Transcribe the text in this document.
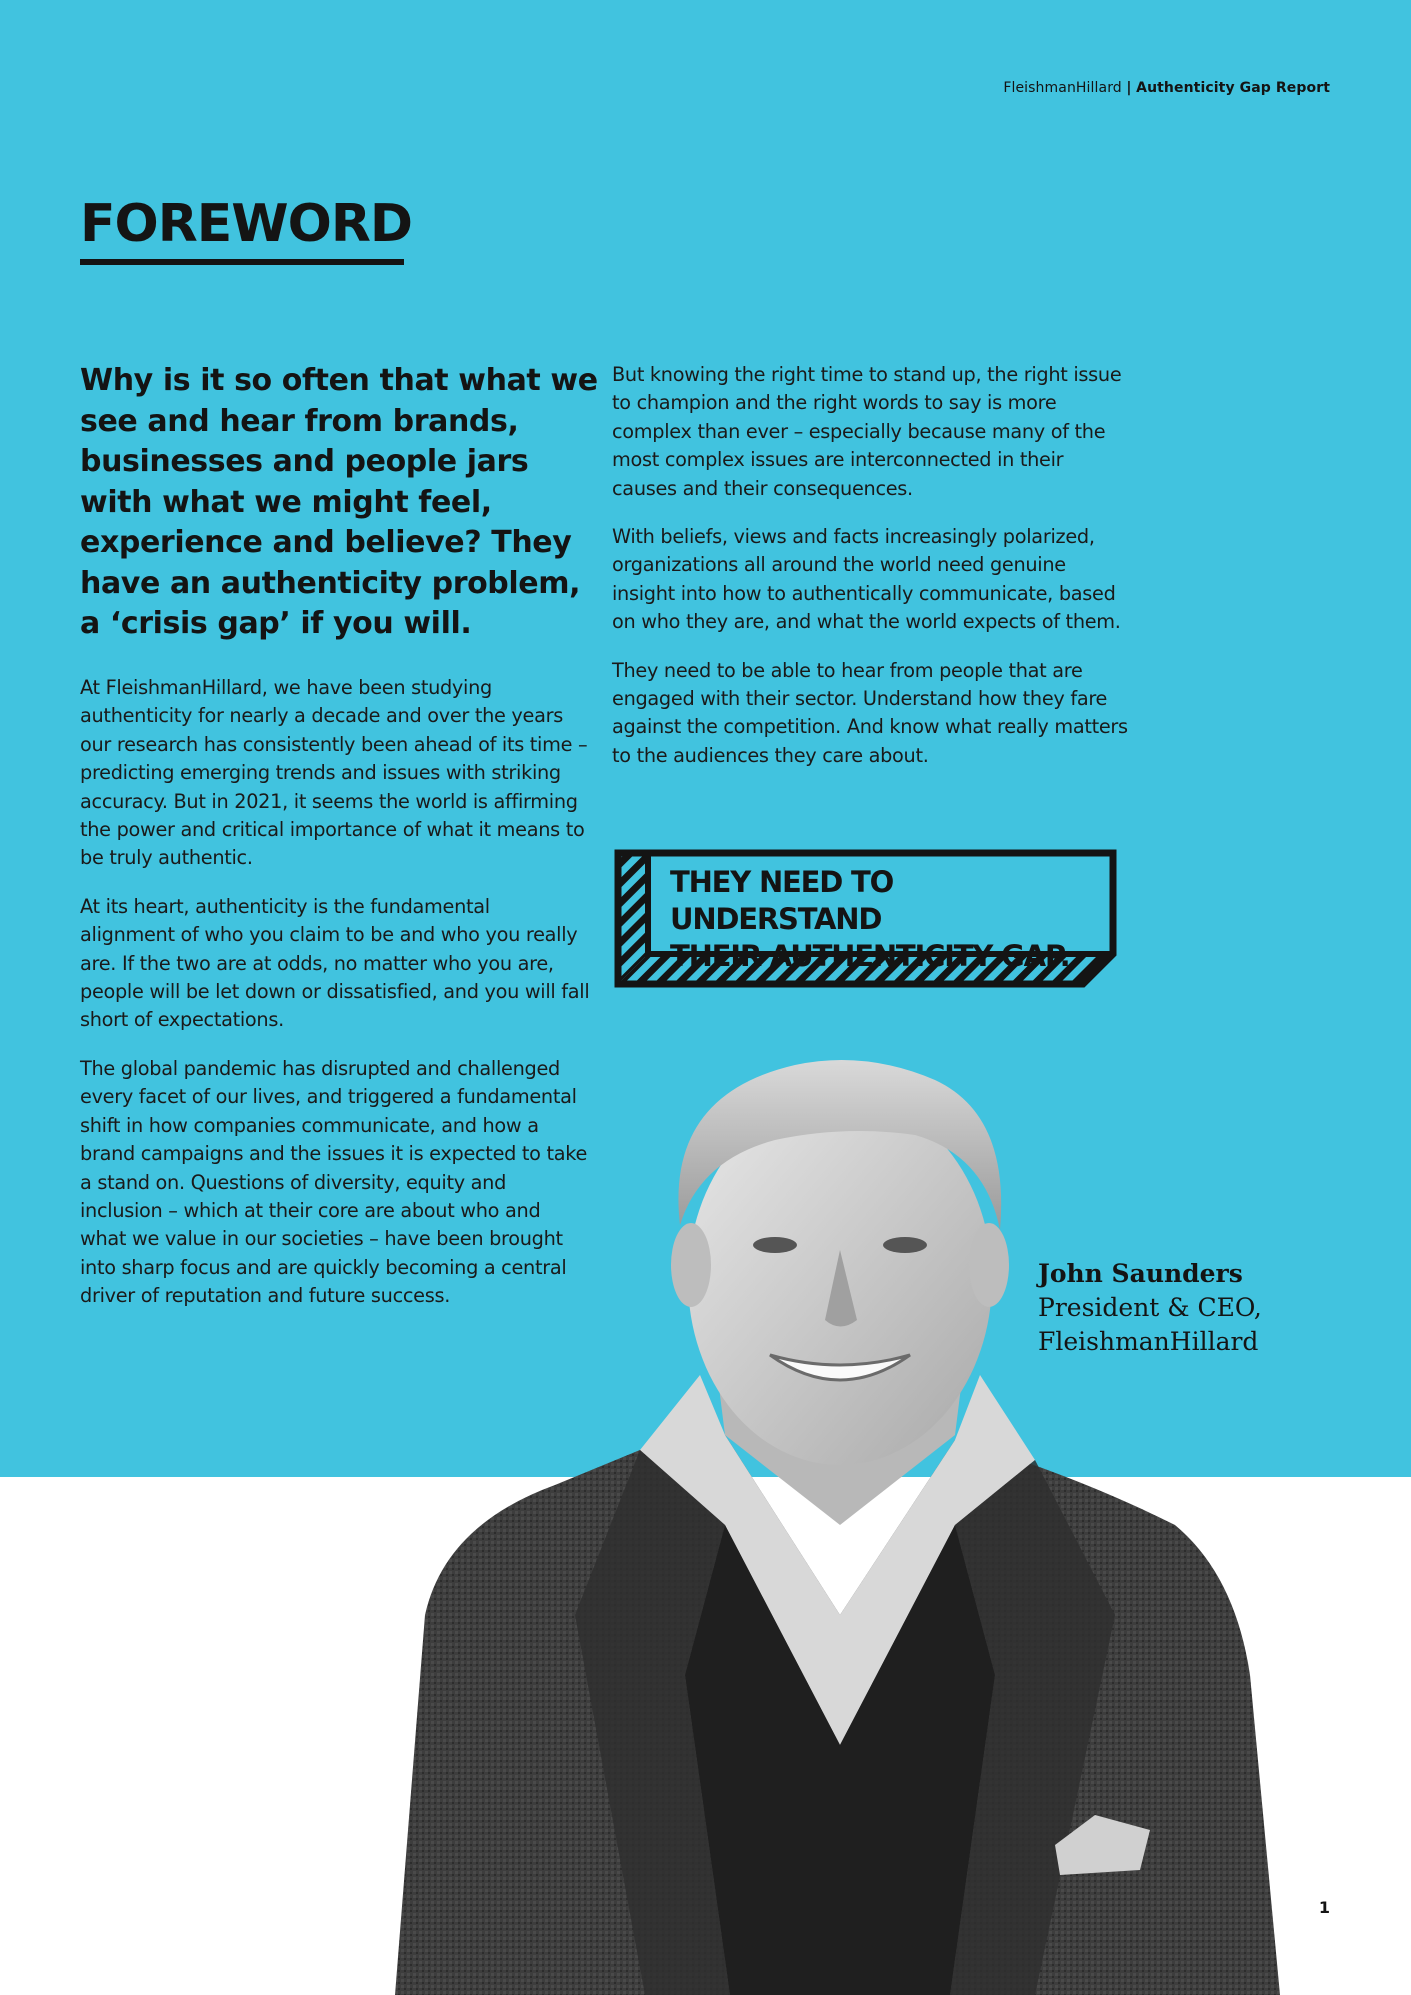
FleishmanHillard | Authenticity Gap Report
FOREWORD
Why is it so often that what we see and hear from brands, businesses and people jars with what we might feel, experience and believe? They have an authenticity problem, a ‘crisis gap’ if you will.

At FleishmanHillard, we have been studying authenticity for nearly a decade and over the years our research has consistently been ahead of its time – predicting emerging trends and issues with striking accuracy. But in 2021, it seems the world is affirming the power and critical importance of what it means to be truly authentic.

At its heart, authenticity is the fundamental alignment of who you claim to be and who you really are. If the two are at odds, no matter who you are, people will be let down or dissatisfied, and you will fall short of expectations.

The global pandemic has disrupted and challenged every facet of our lives, and triggered a fundamental shift in how companies communicate, and how a brand campaigns and the issues it is expected to take a stand on. Questions of diversity, equity and inclusion – which at their core are about who and what we value in our societies – have been brought into sharp focus and are quickly becoming a central driver of reputation and future success.

But knowing the right time to stand up, the right issue to champion and the right words to say is more complex than ever – especially because many of the most complex issues are interconnected in their causes and their consequences.

With beliefs, views and facts increasingly polarized, organizations all around the world need genuine insight into how to authentically communicate, based on who they are, and what the world expects of them.

They need to be able to hear from people that are engaged with their sector. Understand how they fare against the competition. And know what really matters to the audiences they care about.

THEY NEED TO UNDERSTAND
THEIR AUTHENTICITY GAP.
John Saunders
President & CEO,
FleishmanHillard
1
